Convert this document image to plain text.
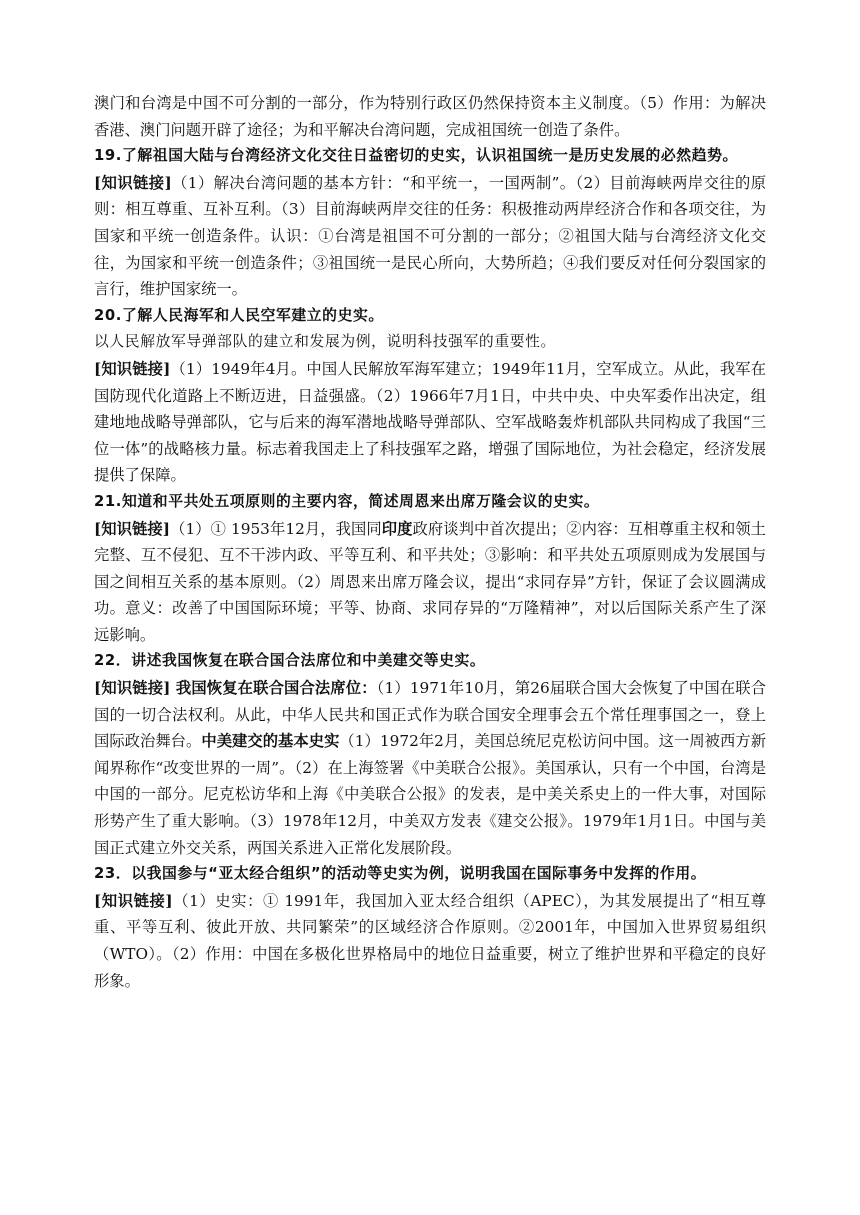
澳门和台湾是中国不可分割的一部分，作为特别行政区仍然保持资本主义制度。（5）作用：为解决香港、澳门问题开辟了途径；为和平解决台湾问题，完成祖国统一创造了条件。

19.了解祖国大陆与台湾经济文化交往日益密切的史实，认识祖国统一是历史发展的必然趋势。

[知识链接]（1）解决台湾问题的基本方针：“和平统一，一国两制”。（2）目前海峡两岸交往的原则：相互尊重、互补互利。（3）目前海峡两岸交往的任务：积极推动两岸经济合作和各项交往，为国家和平统一创造条件。认识：①台湾是祖国不可分割的一部分；②祖国大陆与台湾经济文化交往，为国家和平统一创造条件；③祖国统一是民心所向，大势所趋；④我们要反对任何分裂国家的言行，维护国家统一。

20.了解人民海军和人民空军建立的史实。

以人民解放军导弹部队的建立和发展为例，说明科技强军的重要性。

[知识链接]（1）1949年4月。中国人民解放军海军建立；1949年11月，空军成立。从此，我军在国防现代化道路上不断迈进，日益强盛。（2）1966年7月1日，中共中央、中央军委作出决定，组建地地战略导弹部队，它与后来的海军潜地战略导弹部队、空军战略轰炸机部队共同构成了我国“三位一体”的战略核力量。标志着我国走上了科技强军之路，增强了国际地位，为社会稳定，经济发展提供了保障。

21.知道和平共处五项原则的主要内容，简述周恩来出席万隆会议的史实。

[知识链接]（1）① 1953年12月，我国同印度政府谈判中首次提出；②内容：互相尊重主权和领土完整、互不侵犯、互不干涉内政、平等互利、和平共处；③影响：和平共处五项原则成为发展国与国之间相互关系的基本原则。（2）周恩来出席万隆会议，提出“求同存异”方针，保证了会议圆满成功。意义：改善了中国国际环境；平等、协商、求同存异的“万隆精神”，对以后国际关系产生了深远影响。

22．讲述我国恢复在联合国合法席位和中美建交等史实。

[知识链接] 我国恢复在联合国合法席位：（1）1971年10月，第26届联合国大会恢复了中国在联合国的一切合法权利。从此，中华人民共和国正式作为联合国安全理事会五个常任理事国之一，登上国际政治舞台。中美建交的基本史实（1）1972年2月，美国总统尼克松访问中国。这一周被西方新闻界称作“改变世界的一周”。（2）在上海签署《中美联合公报》。美国承认，只有一个中国，台湾是中国的一部分。尼克松访华和上海《中美联合公报》的发表，是中美关系史上的一件大事，对国际形势产生了重大影响。（3）1978年12月，中美双方发表《建交公报》。1979年1月1日。中国与美国正式建立外交关系，两国关系进入正常化发展阶段。

23．以我国参与“亚太经合组织”的活动等史实为例，说明我国在国际事务中发挥的作用。

[知识链接]（1）史实：① 1991年，我国加入亚太经合组织（APEC），为其发展提出了“相互尊重、平等互利、彼此开放、共同繁荣”的区域经济合作原则。②2001年，中国加入世界贸易组织（WTO）。（2）作用：中国在多极化世界格局中的地位日益重要，树立了维护世界和平稳定的良好形象。
